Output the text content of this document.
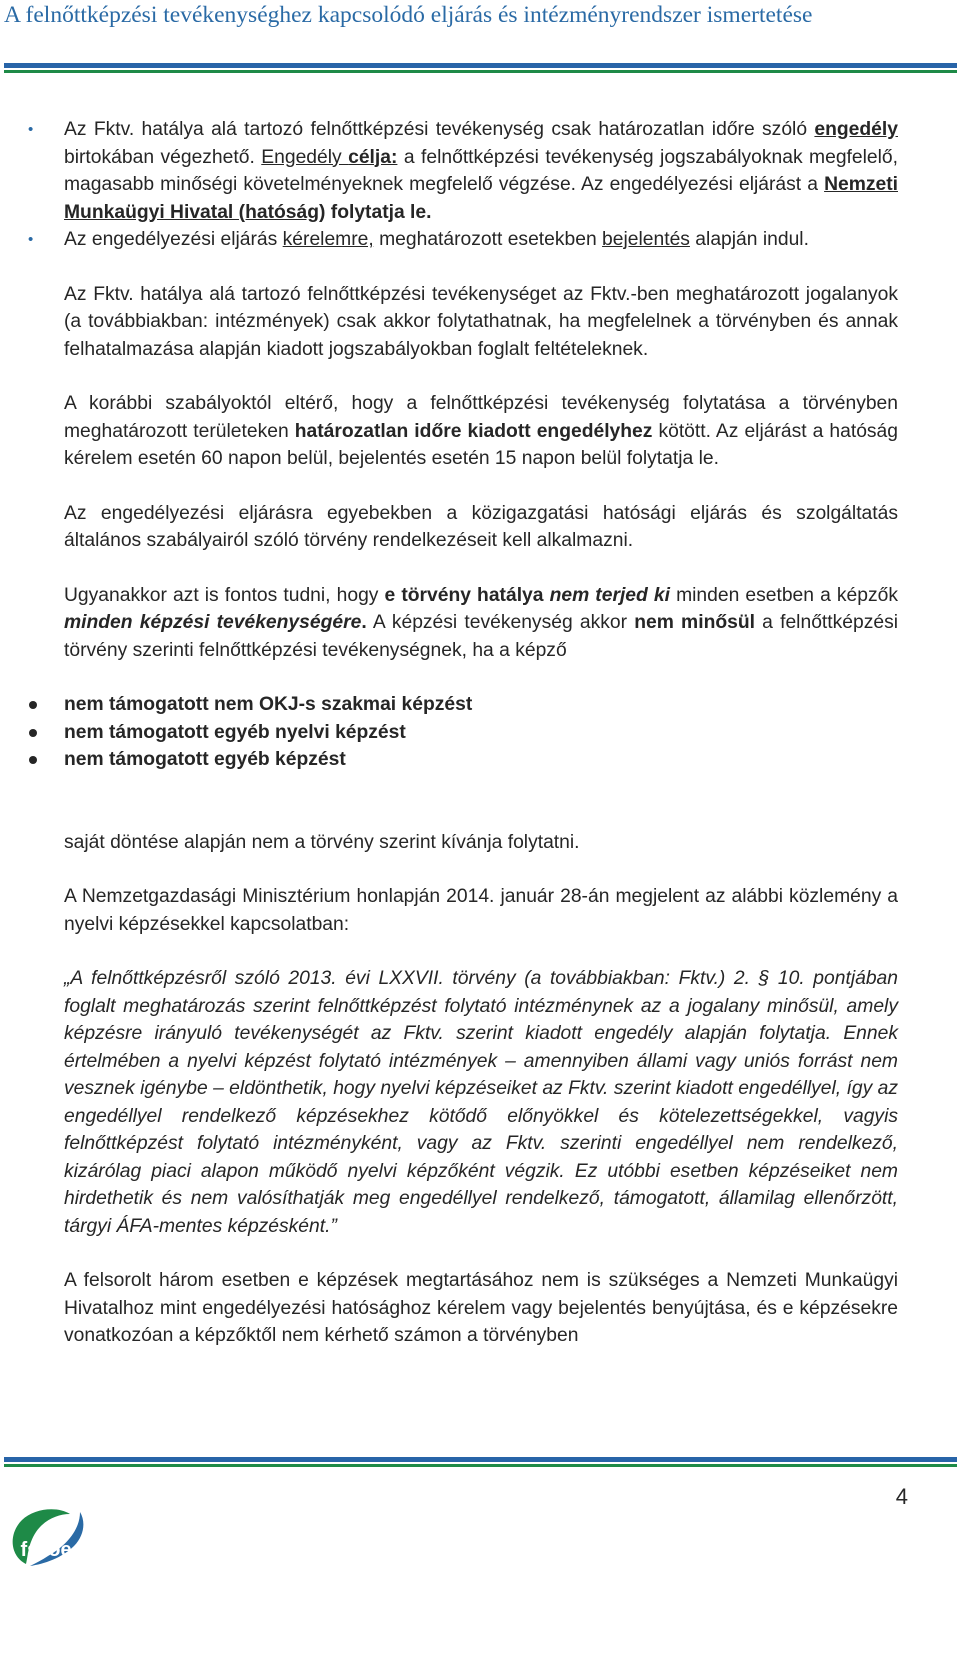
A felnőttképzési tevékenységhez kapcsolódó eljárás és intézményrendszer ismertetése
• Az Fktv. hatálya alá tartozó felnőttképzési tevékenység csak határozatlan időre szóló engedély birtokában végezhető. Engedély célja: a felnőttképzési tevékenység jogszabályoknak megfelelő, magasabb minőségi követelményeknek megfelelő végzése. Az engedélyezési eljárást a Nemzeti Munkaügyi Hivatal (hatóság) folytatja le.
• Az engedélyezési eljárás kérelemre, meghatározott esetekben bejelentés alapján indul.

Az Fktv. hatálya alá tartozó felnőttképzési tevékenységet az Fktv.-ben meghatározott jogalanyok (a továbbiakban: intézmények) csak akkor folytathatnak, ha megfelelnek a törvényben és annak felhatalmazása alapján kiadott jogszabályokban foglalt feltételeknek.

A korábbi szabályoktól eltérő, hogy a felnőttképzési tevékenység folytatása a törvényben meghatározott területeken határozatlan időre kiadott engedélyhez kötött. Az eljárást a hatóság kérelem esetén 60 napon belül, bejelentés esetén 15 napon belül folytatja le.

Az engedélyezési eljárásra egyebekben a közigazgatási hatósági eljárás és szolgáltatás általános szabályairól szóló törvény rendelkezéseit kell alkalmazni.

Ugyanakkor azt is fontos tudni, hogy e törvény hatálya nem terjed ki minden esetben a képzők minden képzési tevékenységére. A képzési tevékenység akkor nem minősül a felnőttképzési törvény szerinti felnőttképzési tevékenységnek, ha a képző

nem támogatott nem OKJ-s szakmai képzést
nem támogatott egyéb nyelvi képzést
nem támogatott egyéb képzést

saját döntése alapján nem a törvény szerint kívánja folytatni.

A Nemzetgazdasági Minisztérium honlapján 2014. január 28-án megjelent az alábbi közlemény a nyelvi képzésekkel kapcsolatban:

„A felnőttképzésről szóló 2013. évi LXXVII. törvény (a továbbiakban: Fktv.) 2. § 10. pontjában foglalt meghatározás szerint felnőttképzést folytató intézménynek az a jogalany minősül, amely képzésre irányuló tevékenységét az Fktv. szerint kiadott engedély alapján folytatja. Ennek értelmében a nyelvi képzést folytató intézmények – amennyiben állami vagy uniós forrást nem vesznek igénybe – eldönthetik, hogy nyelvi képzéseiket az Fktv. szerint kiadott engedéllyel, így az engedéllyel rendelkező képzésekhez kötődő előnyökkel és kötelezettségekkel, vagyis felnőttképzést folytató intézményként, vagy az Fktv. szerinti engedéllyel nem rendelkező, kizárólag piaci alapon működő nyelvi képzőként végzik. Ez utóbbi esetben képzéseiket nem hirdethetik és nem valósíthatják meg engedéllyel rendelkező, támogatott, államilag ellenőrzött, tárgyi ÁFA-mentes képzésként.”

A felsorolt három esetben e képzések megtartásához nem is szükséges a Nemzeti Munkaügyi Hivatalhoz mint engedélyezési hatósághoz kérelem vagy bejelentés benyújtása, és e képzésekre vonatkozóan a képzőktől nem kérhető számon a törvényben

4
fszoe
